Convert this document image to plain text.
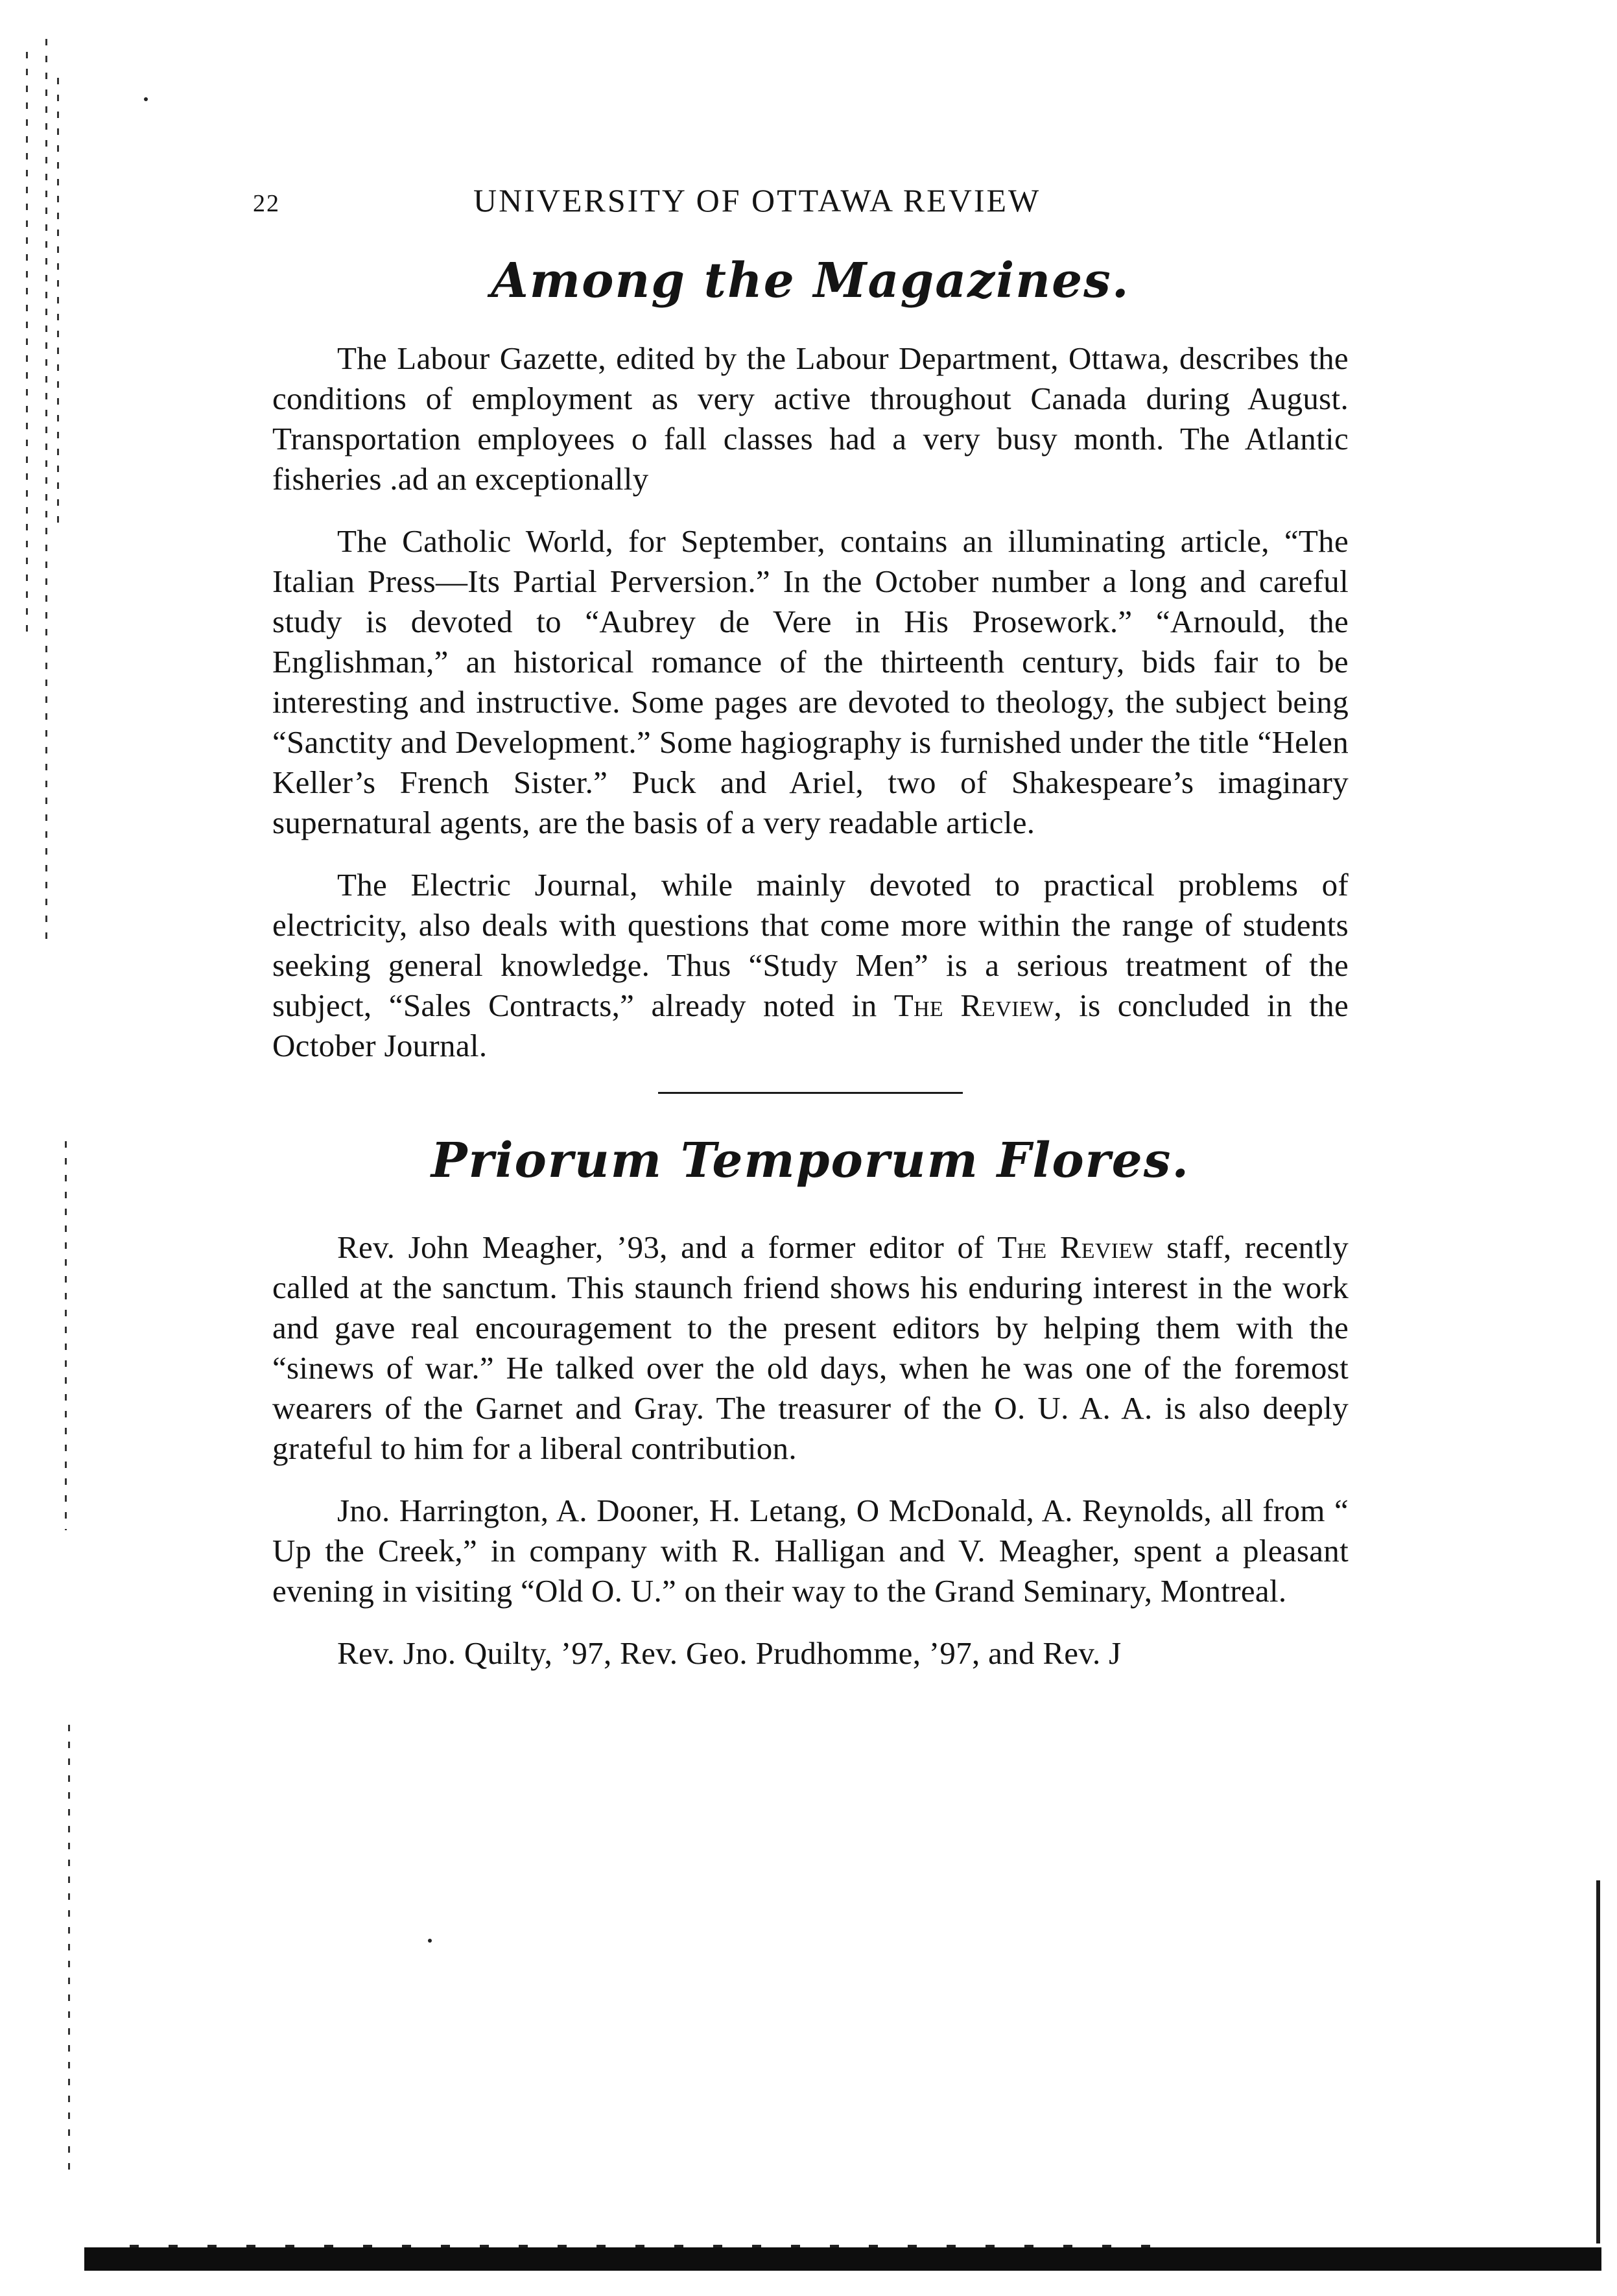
22	UNIVERSITY OF OTTAWA REVIEW
Among the Magazines.

The Labour Gazette, edited by the Labour Department, Ottawa, describes the conditions of employment as very active throughout Canada during August. Transportation employees o fall classes had a very busy month. The Atlantic fisheries .ad an exceptionally

The Catholic World, for September, contains an illuminating article, “The Italian Press—Its Partial Perversion.” In the October number a long and careful study is devoted to “Aubrey de Vere in His Prosework.” “Arnould, the Englishman,” an historical romance of the thirteenth century, bids fair to be interesting and instructive. Some pages are devoted to theology, the subject being “Sanctity and Development.” Some hagiography is furnished under the title “Helen Keller’s French Sister.” Puck and Ariel, two of Shakespeare’s imaginary supernatural agents, are the basis of a very readable article.

The Electric Journal, while mainly devoted to practical problems of electricity, also deals with questions that come more within the range of students seeking general knowledge. Thus “Study Men” is a serious treatment of the subject, “Sales Contracts,” already noted in The Review, is concluded in the October Journal.

Priorum Temporum Flores.

Rev. John Meagher, ’93, and a former editor of The Review staff, recently called at the sanctum. This staunch friend shows his enduring interest in the work and gave real encouragement to the present editors by helping them with the “sinews of war.” He talked over the old days, when he was one of the foremost wearers of the Garnet and Gray. The treasurer of the O. U. A. A. is also deeply grateful to him for a liberal contribution.

Jno. Harrington, A. Dooner, H. Letang, O McDonald, A. Reynolds, all from “ Up the Creek,” in company with R. Halligan and V. Meagher, spent a pleasant evening in visiting “Old O. U.” on their way to the Grand Seminary, Montreal.

Rev. Jno. Quilty, ’97, Rev. Geo. Prudhomme, ’97, and Rev. J
